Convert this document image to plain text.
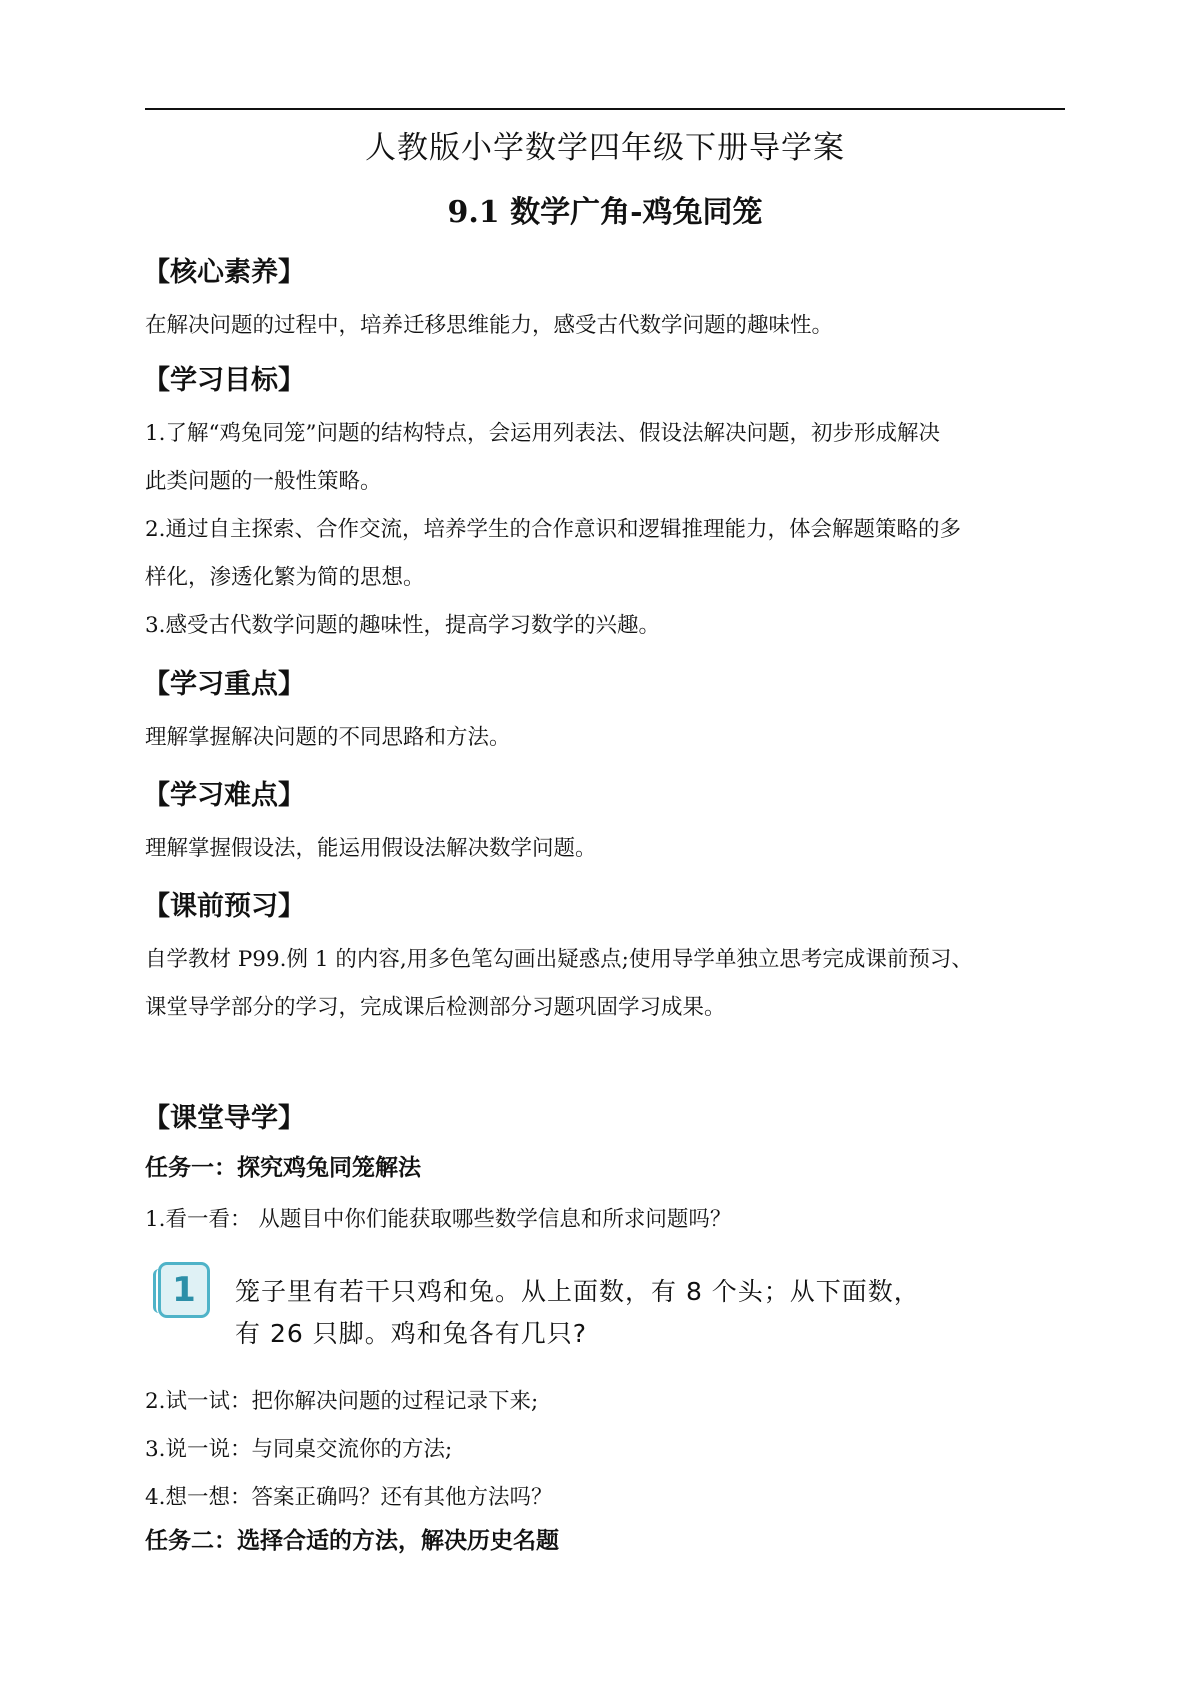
人教版小学数学四年级下册导学案
9.1 数学广角-鸡兔同笼
【核心素养】
在解决问题的过程中，培养迁移思维能力，感受古代数学问题的趣味性。
【学习目标】
1.了解“鸡兔同笼”问题的结构特点，会运用列表法、假设法解决问题，初步形成解决
此类问题的一般性策略。
2.通过自主探索、合作交流，培养学生的合作意识和逻辑推理能力，体会解题策略的多
样化，渗透化繁为简的思想。
3.感受古代数学问题的趣味性，提高学习数学的兴趣。
【学习重点】
理解掌握解决问题的不同思路和方法。
【学习难点】
理解掌握假设法，能运用假设法解决数学问题。
【课前预习】
自学教材 P99.例 1 的内容,用多色笔勾画出疑惑点;使用导学单独立思考完成课前预习、
课堂导学部分的学习，完成课后检测部分习题巩固学习成果。
【课堂导学】
任务一：探究鸡兔同笼解法
1.看一看： 从题目中你们能获取哪些数学信息和所求问题吗？
1	笼子里有若干只鸡和兔。从上面数，有 8 个头；从下面数，
有 26 只脚。鸡和兔各有几只?
2.试一试：把你解决问题的过程记录下来;
3.说一说：与同桌交流你的方法;
4.想一想：答案正确吗？还有其他方法吗？
任务二：选择合适的方法，解决历史名题
